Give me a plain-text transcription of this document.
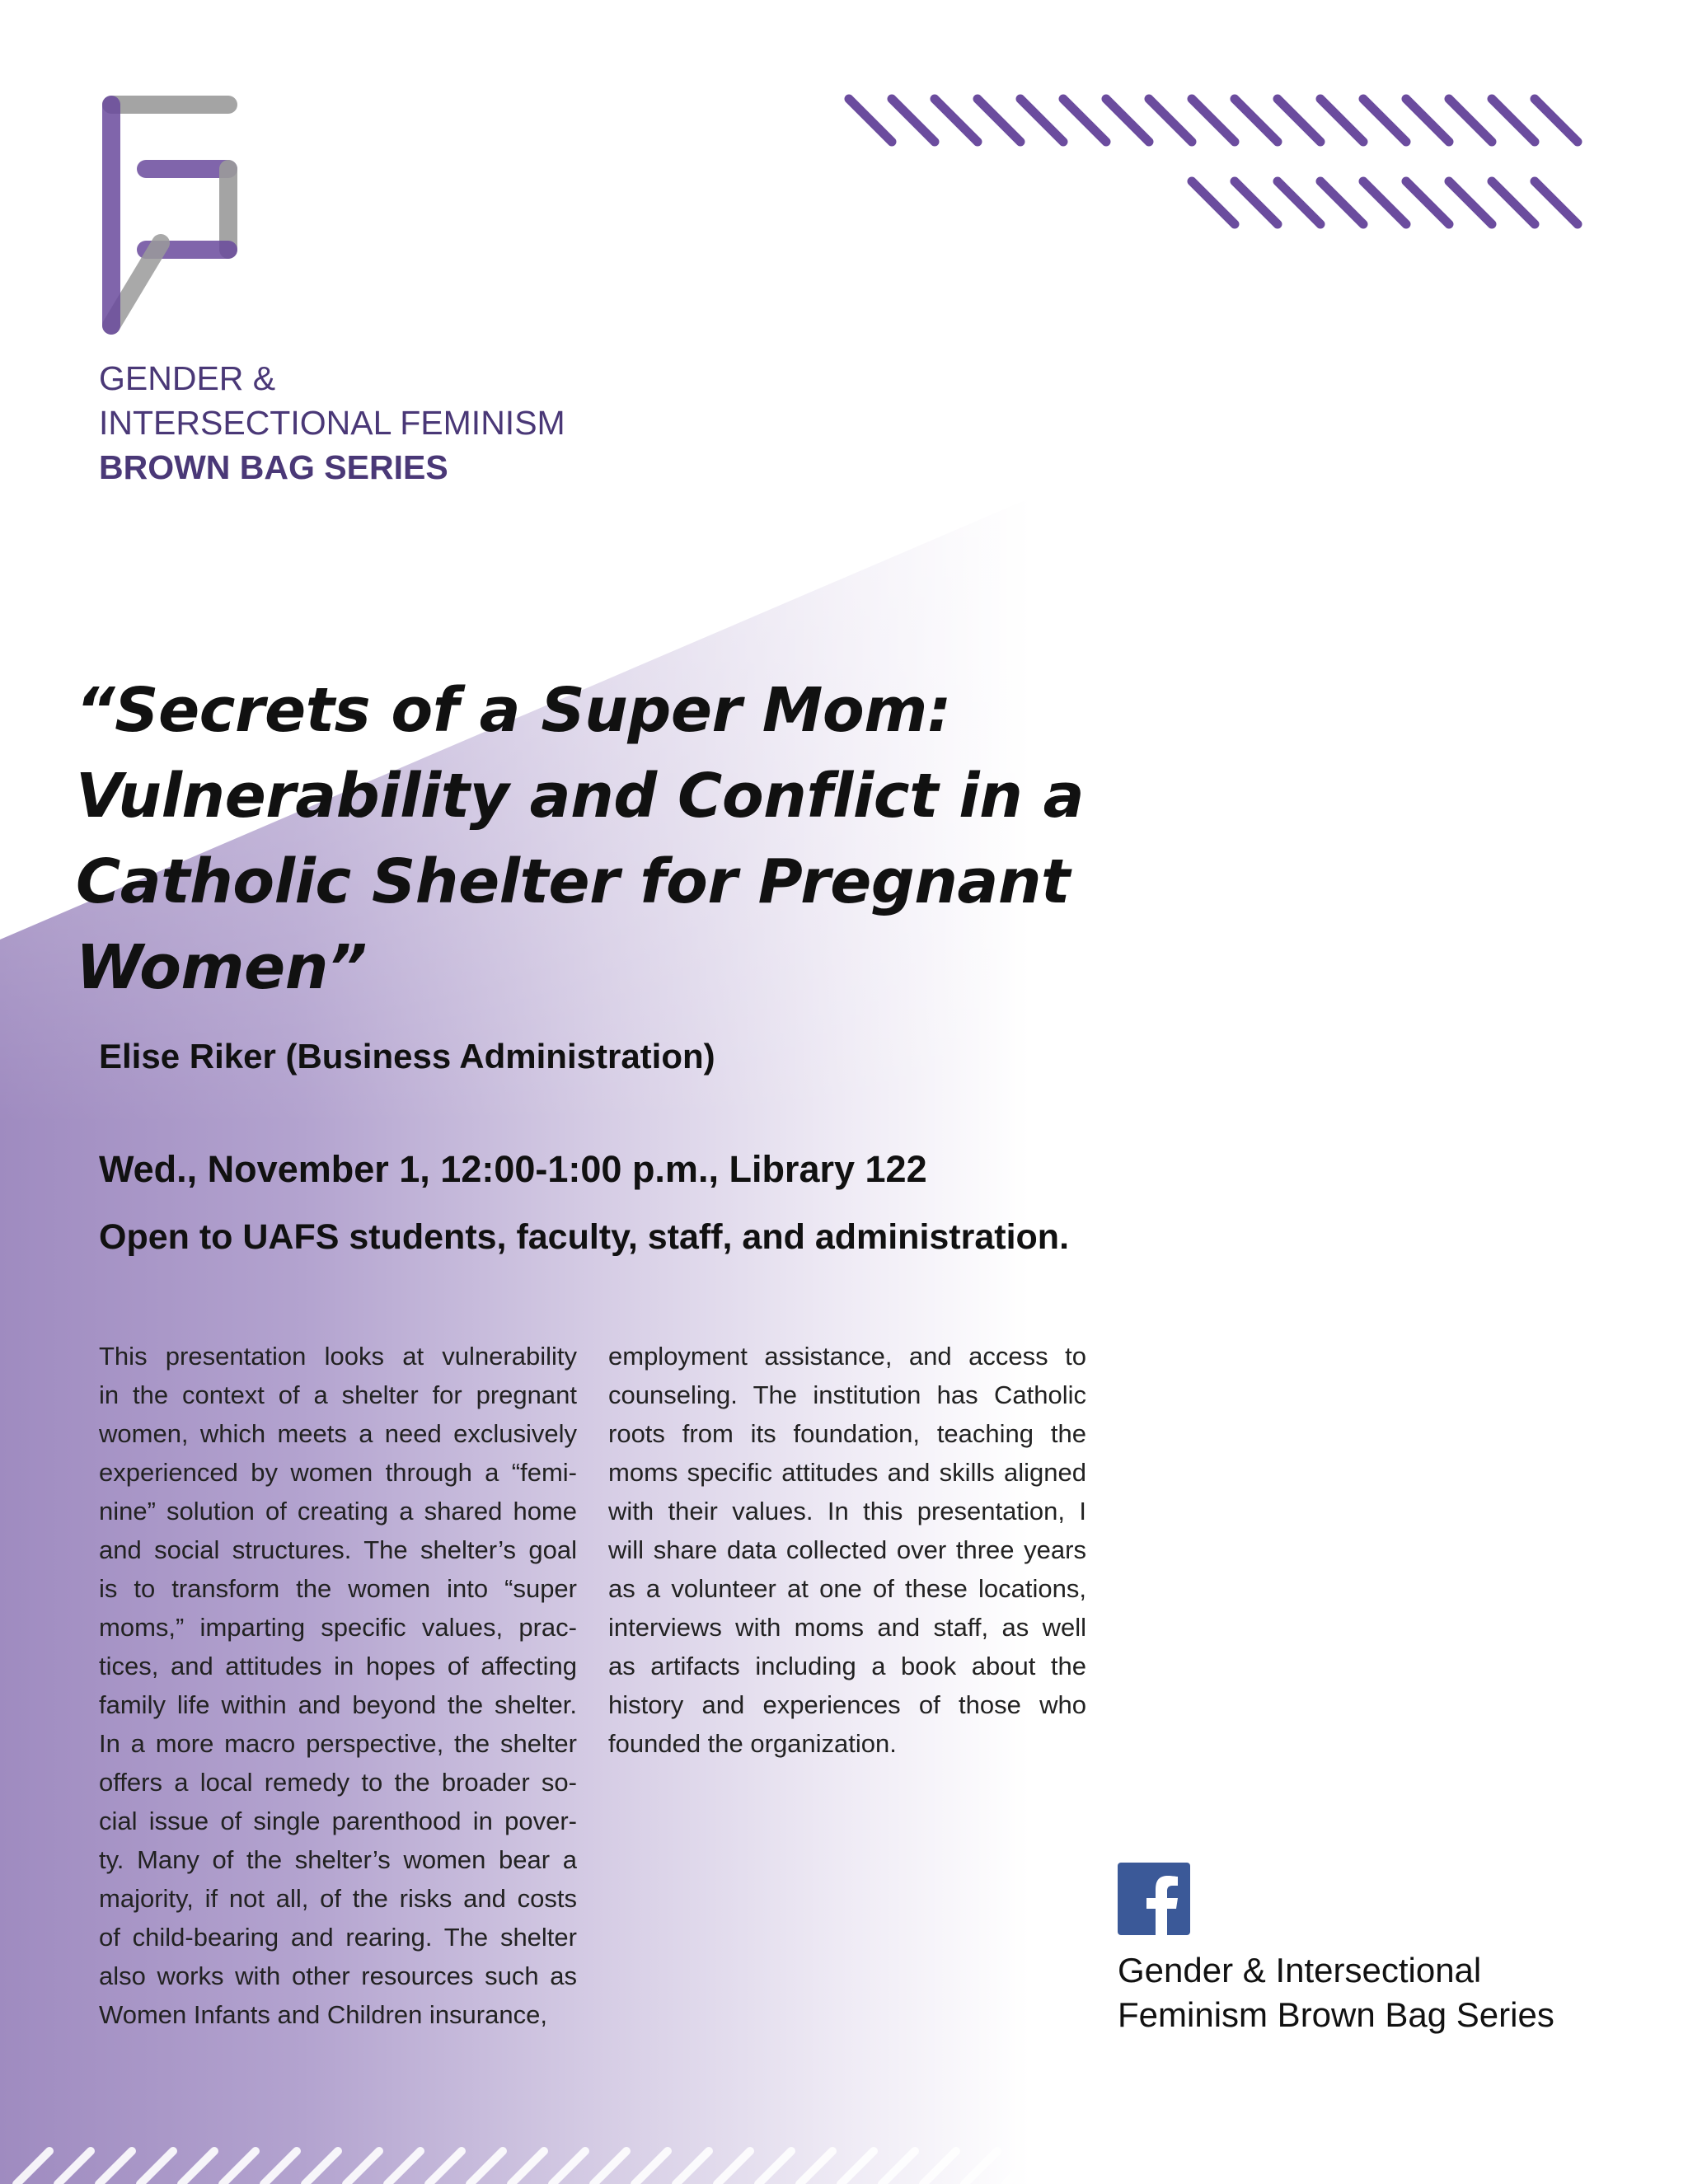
GENDER &
INTERSECTIONAL FEMINISM
BROWN BAG SERIES
“Secrets of a Super Mom:
Vulnerability and Conflict in a
Catholic Shelter for Pregnant
Women”
Elise Riker (Business Administration)
Wed., November 1, 12:00-1:00 p.m., Library 122
Open to UAFS students, faculty, staff, and administration.
This presentation looks at vulnerability
in the context of a shelter for pregnant
women, which meets a need exclusively
experienced by women through a “femi-
nine” solution of creating a shared home
and social structures. The shelter’s goal
is to transform the women into “super
moms,” imparting specific values, prac-
tices, and attitudes in hopes of affecting
family life within and beyond the shelter.
In a more macro perspective, the shelter
offers a local remedy to the broader so-
cial issue of single parenthood in pover-
ty. Many of the shelter’s women bear a
majority, if not all, of the risks and costs
of child-bearing and rearing. The shelter
also works with other resources such as
Women Infants and Children insurance,
employment assistance, and access to
counseling. The institution has Catholic
roots from its foundation, teaching the
moms specific attitudes and skills aligned
with their values. In this presentation, I
will share data collected over three years
as a volunteer at one of these locations,
interviews with moms and staff, as well
as artifacts including a book about the
history and experiences of those who
founded the organization.
Gender & Intersectional
Feminism Brown Bag Series
